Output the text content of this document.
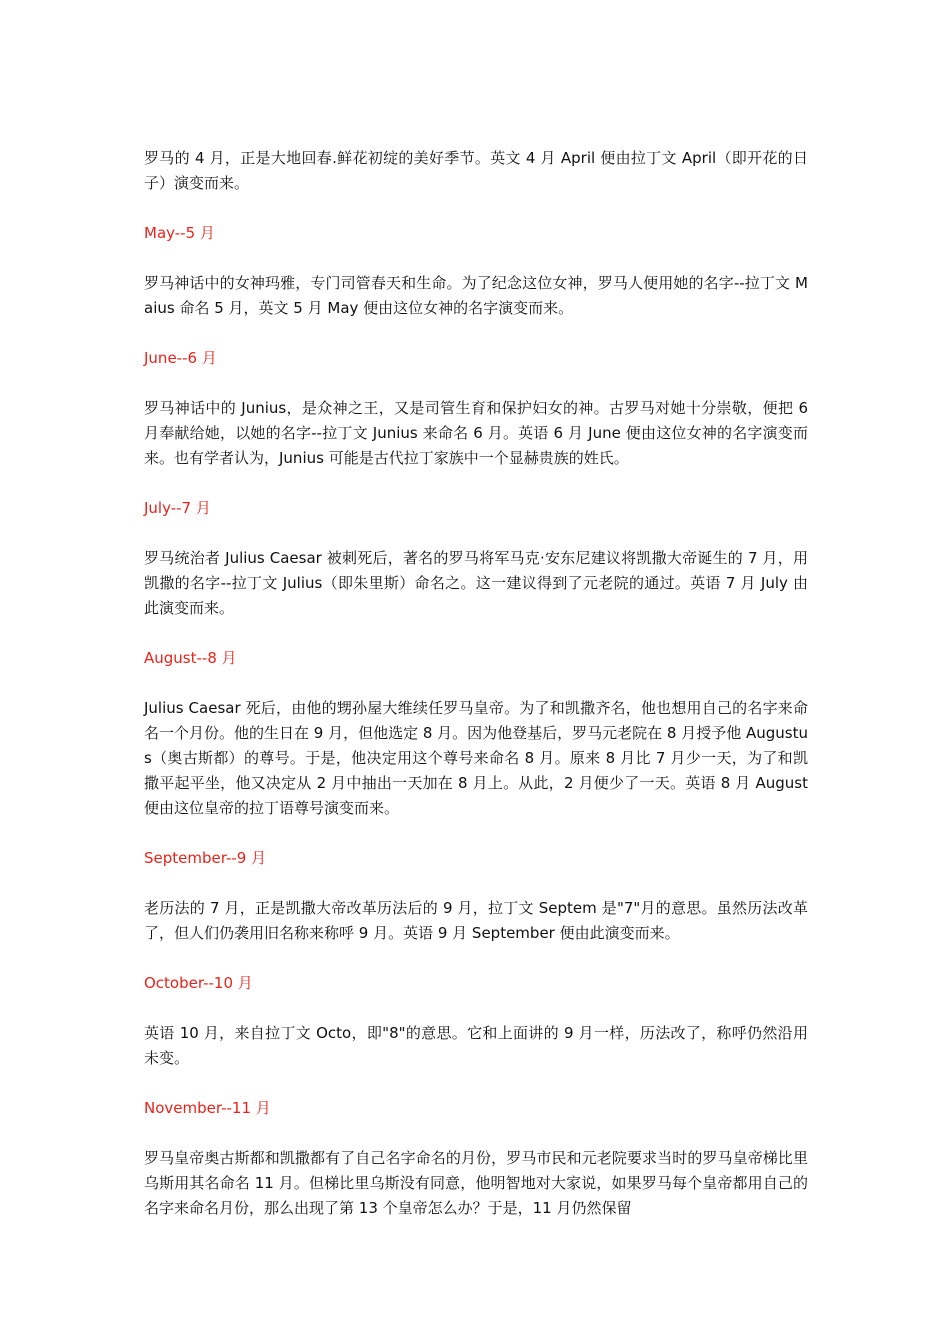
罗马的 4 月，正是大地回春.鲜花初绽的美好季节。英文 4 月 April 便由拉丁文 April（即开花的日子）演变而来。

May--5 月

罗马神话中的女神玛雅，专门司管春天和生命。为了纪念这位女神，罗马人便用她的名字--拉丁文 Maius 命名 5 月，英文 5 月 May 便由这位女神的名字演变而来。

June--6 月

罗马神话中的 Junius，是众神之王，又是司管生育和保护妇女的神。古罗马对她十分崇敬，便把 6 月奉献给她，以她的名字--拉丁文 Junius 来命名 6 月。英语 6 月 June 便由这位女神的名字演变而来。也有学者认为，Junius 可能是古代拉丁家族中一个显赫贵族的姓氏。

July--7 月

罗马统治者 Julius Caesar 被刺死后，著名的罗马将军马克·安东尼建议将凯撒大帝诞生的 7 月，用凯撒的名字--拉丁文 Julius（即朱里斯）命名之。这一建议得到了元老院的通过。英语 7 月 July 由此演变而来。

August--8 月

Julius Caesar 死后，由他的甥孙屋大维续任罗马皇帝。为了和凯撒齐名，他也想用自己的名字来命名一个月份。他的生日在 9 月，但他选定 8 月。因为他登基后，罗马元老院在 8 月授予他 Augustus（奥古斯都）的尊号。于是，他决定用这个尊号来命名 8 月。原来 8 月比 7 月少一天，为了和凯撒平起平坐，他又决定从 2 月中抽出一天加在 8 月上。从此，2 月便少了一天。英语 8 月 August 便由这位皇帝的拉丁语尊号演变而来。

September--9 月

老历法的 7 月，正是凯撒大帝改革历法后的 9 月，拉丁文 Septem 是"7"月的意思。虽然历法改革了，但人们仍袭用旧名称来称呼 9 月。英语 9 月 September 便由此演变而来。

October--10 月

英语 10 月，来自拉丁文 Octo，即"8"的意思。它和上面讲的 9 月一样，历法改了，称呼仍然沿用未变。

November--11 月

罗马皇帝奥古斯都和凯撒都有了自己名字命名的月份，罗马市民和元老院要求当时的罗马皇帝梯比里乌斯用其名命名 11 月。但梯比里乌斯没有同意，他明智地对大家说，如果罗马每个皇帝都用自己的名字来命名月份，那么出现了第 13 个皇帝怎么办？于是，11 月仍然保留
